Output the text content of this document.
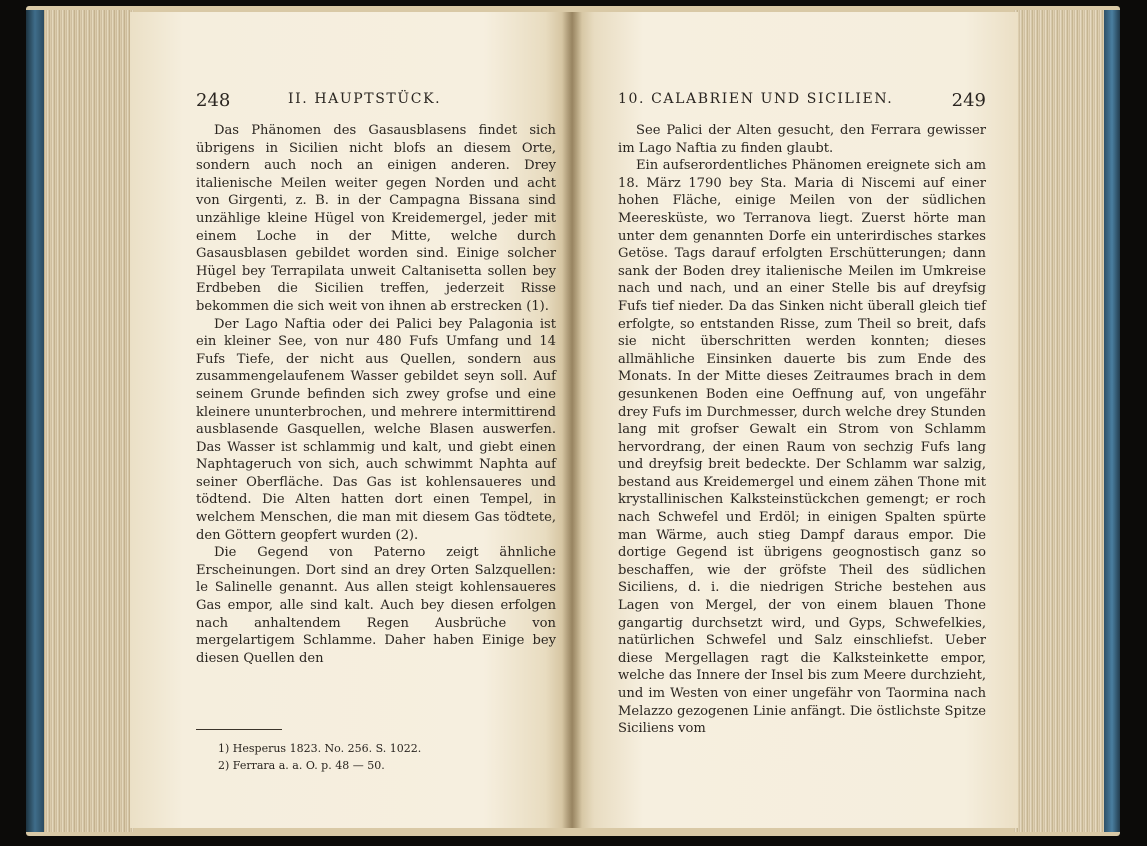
248	II. HAUPTSTÜCK.

Das Phänomen des Gasausblasens findet sich übrigens in Sicilien nicht blofs an diesem Orte, sondern auch noch an einigen anderen. Drey italienische Meilen weiter gegen Norden und acht von Girgenti, z. B. in der Campagna Bissana sind unzählige kleine Hügel von Kreidemergel, jeder mit einem Loche in der Mitte, welche durch Gasausblasen gebildet worden sind. Einige solcher Hügel bey Terrapilata unweit Caltanisetta sollen bey Erdbeben die Sicilien treffen, jederzeit Risse bekommen die sich weit von ihnen ab erstrecken (1).

Der Lago Naftia oder dei Palici bey Palagonia ist ein kleiner See, von nur 480 Fufs Umfang und 14 Fufs Tiefe, der nicht aus Quellen, sondern aus zusammengelaufenem Wasser gebildet seyn soll. Auf seinem Grunde befinden sich zwey grofse und eine kleinere ununterbrochen, und mehrere intermittirend ausblasende Gasquellen, welche Blasen auswerfen. Das Wasser ist schlammig und kalt, und giebt einen Naphtageruch von sich, auch schwimmt Naphta auf seiner Oberfläche. Das Gas ist kohlensaueres und tödtend. Die Alten hatten dort einen Tempel, in welchem Menschen, die man mit diesem Gas tödtete, den Göttern geopfert wurden (2).

Die Gegend von Paterno zeigt ähnliche Erscheinungen. Dort sind an drey Orten Salzquellen: le Salinelle genannt. Aus allen steigt kohlensaueres Gas empor, alle sind kalt. Auch bey diesen erfolgen nach anhaltendem Regen Ausbrüche von mergelartigem Schlamme. Daher haben Einige bey diesen Quellen den

1) Hesperus 1823. No. 256. S. 1022.
2) Ferrara a. a. O. p. 48 — 50.
10. CALABRIEN UND SICILIEN.	249

See Palici der Alten gesucht, den Ferrara gewisser im Lago Naftia zu finden glaubt.

Ein aufserordentliches Phänomen ereignete sich am 18. März 1790 bey Sta. Maria di Niscemi auf einer hohen Fläche, einige Meilen von der südlichen Meeresküste, wo Terranova liegt. Zuerst hörte man unter dem genannten Dorfe ein unterirdisches starkes Getöse. Tags darauf erfolgten Erschütterungen; dann sank der Boden drey italienische Meilen im Umkreise nach und nach, und an einer Stelle bis auf dreyfsig Fufs tief nieder. Da das Sinken nicht überall gleich tief erfolgte, so entstanden Risse, zum Theil so breit, dafs sie nicht überschritten werden konnten; dieses allmähliche Einsinken dauerte bis zum Ende des Monats. In der Mitte dieses Zeitraumes brach in dem gesunkenen Boden eine Oeffnung auf, von ungefähr drey Fufs im Durchmesser, durch welche drey Stunden lang mit grofser Gewalt ein Strom von Schlamm hervordrang, der einen Raum von sechzig Fufs lang und dreyfsig breit bedeckte. Der Schlamm war salzig, bestand aus Kreidemergel und einem zähen Thone mit krystallinischen Kalksteinstückchen gemengt; er roch nach Schwefel und Erdöl; in einigen Spalten spürte man Wärme, auch stieg Dampf daraus empor. Die dortige Gegend ist übrigens geognostisch ganz so beschaffen, wie der gröfste Theil des südlichen Siciliens, d. i. die niedrigen Striche bestehen aus Lagen von Mergel, der von einem blauen Thone gangartig durchsetzt wird, und Gyps, Schwefelkies, natürlichen Schwefel und Salz einschliefst. Ueber diese Mergellagen ragt die Kalksteinkette empor, welche das Innere der Insel bis zum Meere durchzieht, und im Westen von einer ungefähr von Taormina nach Melazzo gezogenen Linie anfängt. Die östlichste Spitze Siciliens vom
